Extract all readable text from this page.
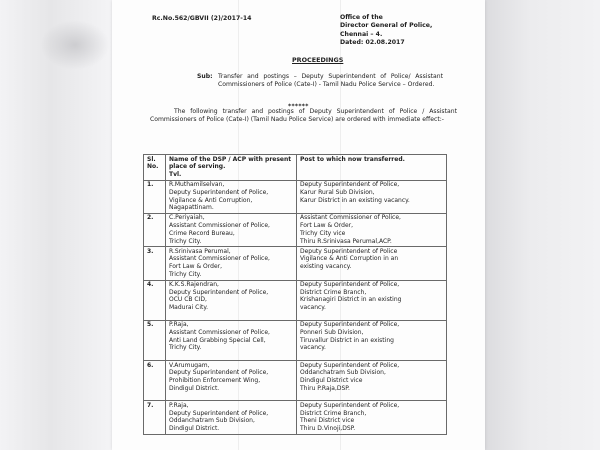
Rc.No.562/GBVII (2)/2017-14	Office of the
Director General of Police,
Chennai – 4.
Dated: 02.08.2017
PROCEEDINGS
Sub: Transfer and postings – Deputy Superintendent of Police/ Assistant Commissioners of Police (Cate-I) - Tamil Nadu Police Service – Ordered.
******
The following transfer and postings of Deputy Superintendent of Police / Assistant Commissioners of Police (Cate-I) (Tamil Nadu Police Service) are ordered with immediate effect:-
Sl.
No.	Name of the DSP / ACP with present place of serving.
Tvl.	Post to which now transferred.
1.	R.Muthamilselvan,
Deputy Superintendent of Police,
Vigilance & Anti Corruption,
Nagapattinam.	Deputy Superintendent of Police,
Karur Rural Sub Division,
Karur District in an existing vacancy.

2.	C.Periyaiah,
Assistant Commissioner of Police,
Crime Record Bureau,
Trichy City.	Assistant Commissioner of Police,
Fort Law & Order,
Trichy City vice
Thiru R.Srinivasa Perumal,ACP.

3.	R.Srinivasa Perumal,
Assistant Commissioner of Police,
Fort Law & Order,
Trichy City.	Deputy Superintendent of Police
Vigilance & Anti Corruption in an
existing vacancy.

4.	K.K.S.Rajendran,
Deputy Superintendent of Police,
OCU CB CID,
Madurai City.	Deputy Superintendent of Police,
District Crime Branch,
Krishanagiri District in an existing
vacancy.

5.	P.Raja,
Assistant Commissioner of Police,
Anti Land Grabbing Special Cell,
Trichy City.	Deputy Superintendent of Police,
Ponneri Sub Division,
Tiruvallur District in an existing
vacancy.

6.	V.Arumugam,
Deputy Superintendent of Police,
Prohibition Enforcement Wing,
Dindigul District.	Deputy Superintendent of Police,
Oddanchatram Sub Division,
Dindigul District vice
Thiru P.Raja,DSP.

7.	P.Raja,
Deputy Superintendent of Police,
Oddanchatram Sub Division,
Dindigul District.	Deputy Superintendent of Police,
District Crime Branch,
Theni District vice
Thiru D.Vinoji,DSP.
